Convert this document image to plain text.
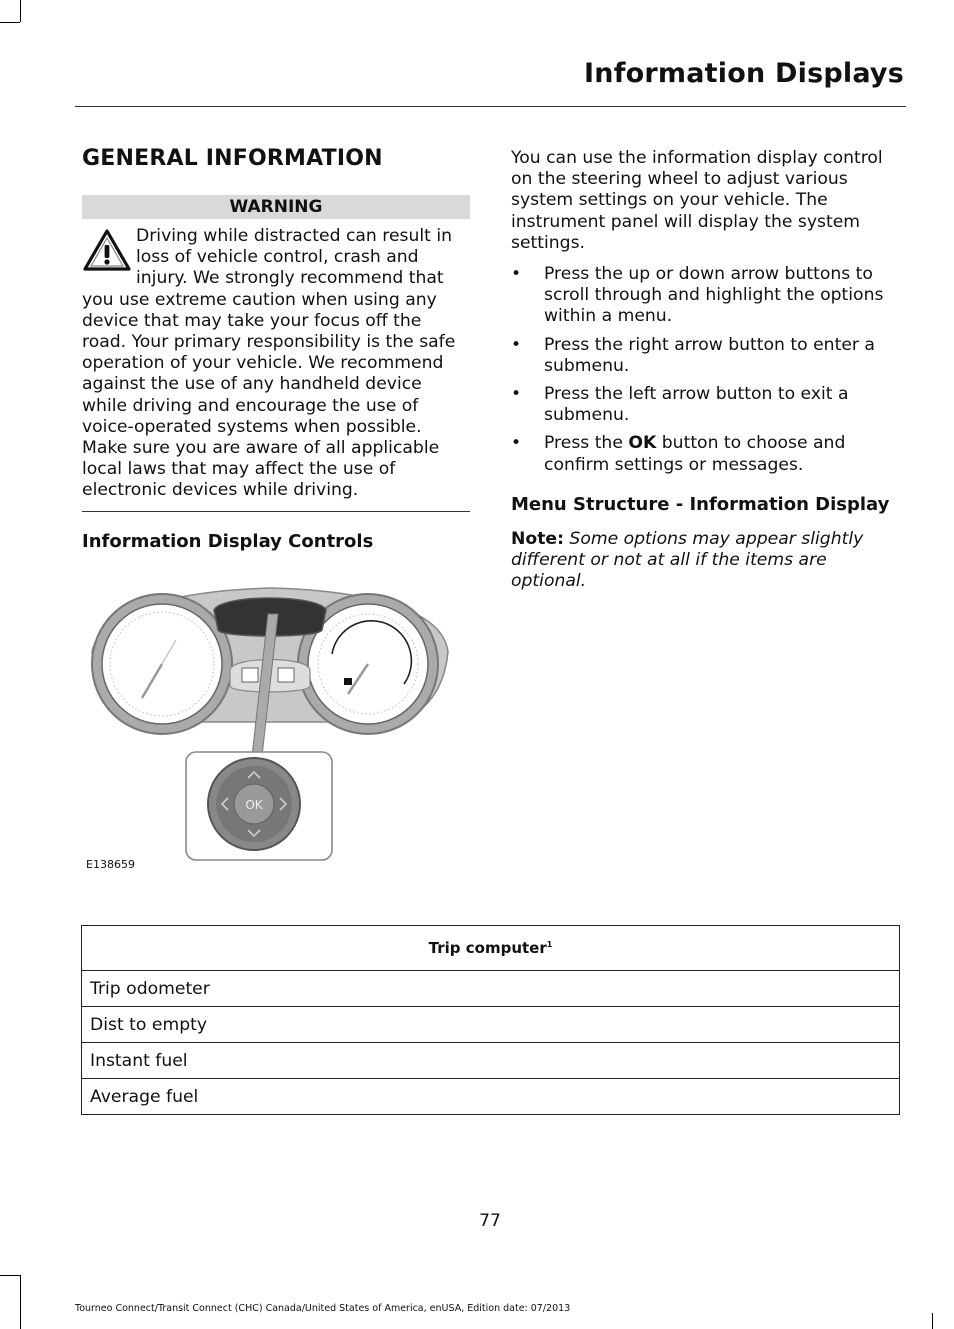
Information Displays
GENERAL INFORMATION
WARNING

Driving while distracted can result in loss of vehicle control, crash and injury. We strongly recommend that you use extreme caution when using any device that may take your focus off the road. Your primary responsibility is the safe operation of your vehicle. We recommend against the use of any handheld device while driving and encourage the use of voice-operated systems when possible. Make sure you are aware of all applicable local laws that may affect the use of electronic devices while driving.

Information Display Controls
OK
E138659

You can use the information display control on the steering wheel to adjust various system settings on your vehicle. The instrument panel will display the system settings.

• Press the up or down arrow buttons to scroll through and highlight the options within a menu.
• Press the right arrow button to enter a submenu.
• Press the left arrow button to exit a submenu.
• Press the OK button to choose and confirm settings or messages.
Menu Structure - Information Display
Note: Some options may appear slightly different or not at all if the items are optional.
Trip computer$^1$
Trip odometer
Dist to empty
Instant fuel
Average fuel
77
Tourneo Connect/Transit Connect (CHC) Canada/United States of America, enUSA, Edition date: 07/2013
